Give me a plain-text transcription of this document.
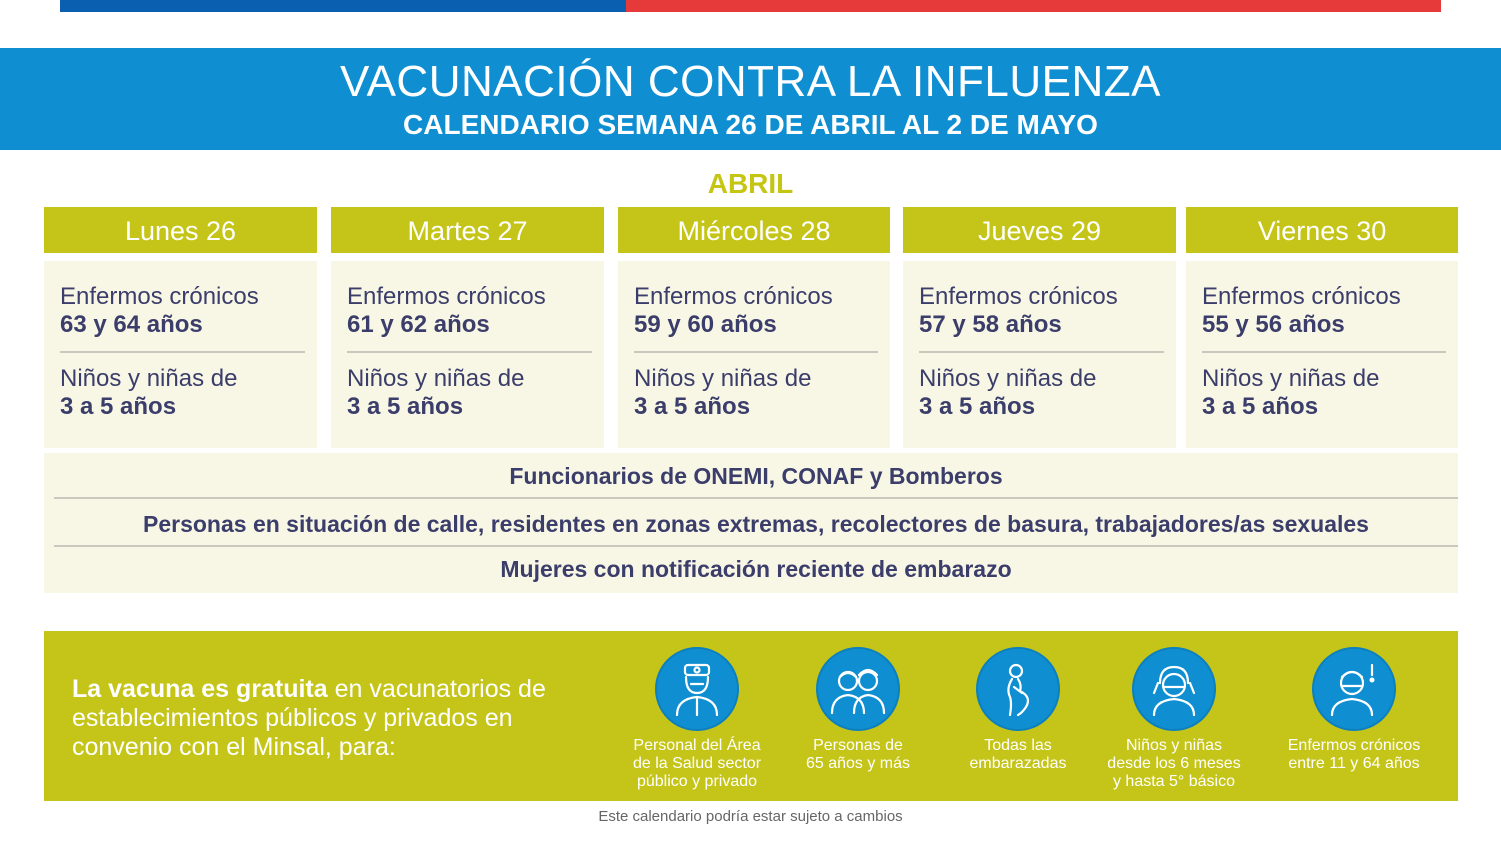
VACUNACIÓN CONTRA LA INFLUENZA
CALENDARIO SEMANA 26 DE ABRIL AL 2 DE MAYO
ABRIL
Lunes 26
Enfermos crónicos
63 y 64 años
Niños y niñas de
3 a 5 años
Martes 27
Enfermos crónicos
61 y 62 años
Niños y niñas de
3 a 5 años
Miércoles 28
Enfermos crónicos
59 y 60 años
Niños y niñas de
3 a 5 años
Jueves 29
Enfermos crónicos
57 y 58 años
Niños y niñas de
3 a 5 años
Viernes 30
Enfermos crónicos
55 y 56 años
Niños y niñas de
3 a 5 años
Funcionarios de ONEMI, CONAF y Bomberos
Personas en situación de calle, residentes en zonas extremas, recolectores de basura, trabajadores/as sexuales
Mujeres con notificación reciente de embarazo
La vacuna es gratuita en vacunatorios de establecimientos públicos y privados en convenio con el Minsal, para:	Personal del Área
de la Salud sector
público y privado
Personas de
65 años y más
Todas las
embarazadas
Niños y niñas
desde los 6 meses
y hasta 5° básico
Enfermos crónicos
entre 11 y 64 años
Este calendario podría estar sujeto a cambios
